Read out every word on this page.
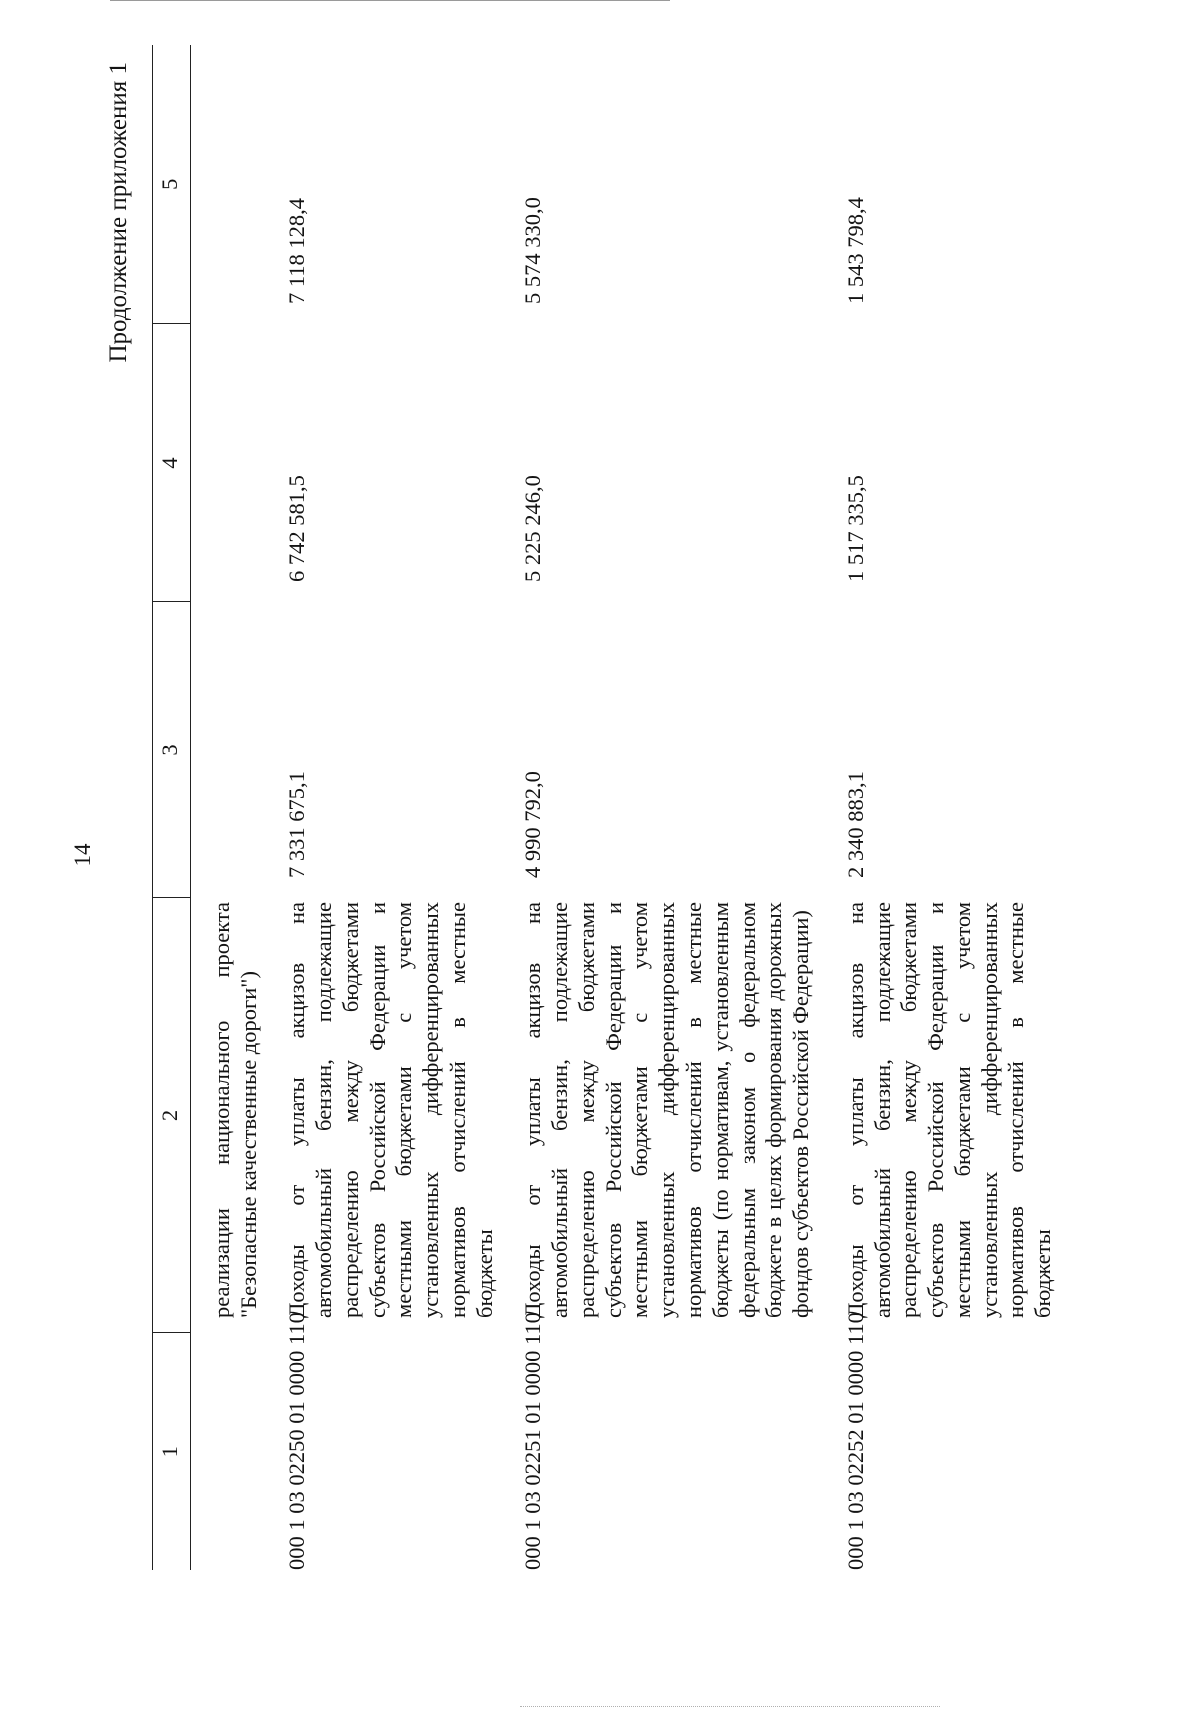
14
Продолжение приложения 1
1	2	3	4	5

	реализации национального проекта "Безопасные качественные дороги")			
000 1 03 02250 01 0000 110	Доходы от уплаты акцизов на автомобильный бензин, подлежащие распределению между бюджетами субъектов Российской Федерации и местными бюджетами с учетом установленных дифференцированных нормативов отчислений в местные бюджеты	7 331 675,1	6 742 581,5	7 118 128,4
000 1 03 02251 01 0000 110	Доходы от уплаты акцизов на автомобильный бензин, подлежащие распределению между бюджетами субъектов Российской Федерации и местными бюджетами с учетом установленных дифференцированных нормативов отчислений в местные бюджеты (по нормативам, установленным федеральным законом о федеральном бюджете в целях формирования дорожных фондов субъектов Российской Федерации)	4 990 792,0	5 225 246,0	5 574 330,0
000 1 03 02252 01 0000 110	Доходы от уплаты акцизов на автомобильный бензин, подлежащие распределению между бюджетами субъектов Российской Федерации и местными бюджетами с учетом установленных дифференцированных нормативов отчислений в местные бюджеты	2 340 883,1	1 517 335,5	1 543 798,4
